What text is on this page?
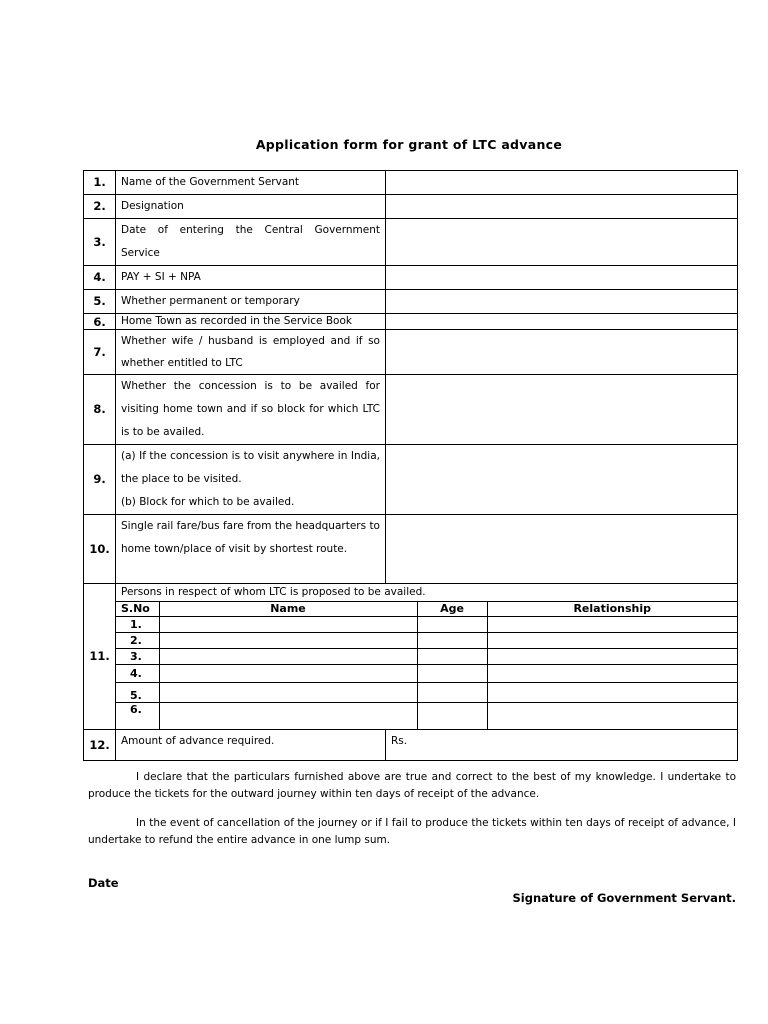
Application form for grant of LTC advance
1.	Name of the Government Servant	
2.	Designation	
3.	Date of entering the Central Government Service	
4.	PAY + SI + NPA	
5.	Whether permanent or temporary	
6.	Home Town as recorded in the Service Book	
7.	Whether wife / husband is employed and if so whether entitled to LTC	
8.	Whether the concession is to be availed for visiting home town and if so block for which LTC is to be availed.	
9.	
(a) If the concession is to visit anywhere in India, the place to be visited.
(b) Block for which to be availed.

10.	Single rail fare/bus fare from the headquarters to home town/place of visit by shortest route.	
11.	
Persons in respect of whom LTC is proposed to be availed.
S.No	Name	Age	Relationship
1.			
2.			
3.			
4.			
5.			
6.			

12.	Amount of advance required.	Rs.
I declare that the particulars furnished above are true and correct to the best of my knowledge. I undertake to produce the tickets for the outward journey within ten days of receipt of the advance.
In the event of cancellation of the journey or if I fail to produce the tickets within ten days of receipt of advance, I undertake to refund the entire advance in one lump sum.
Date
Signature of Government Servant.
